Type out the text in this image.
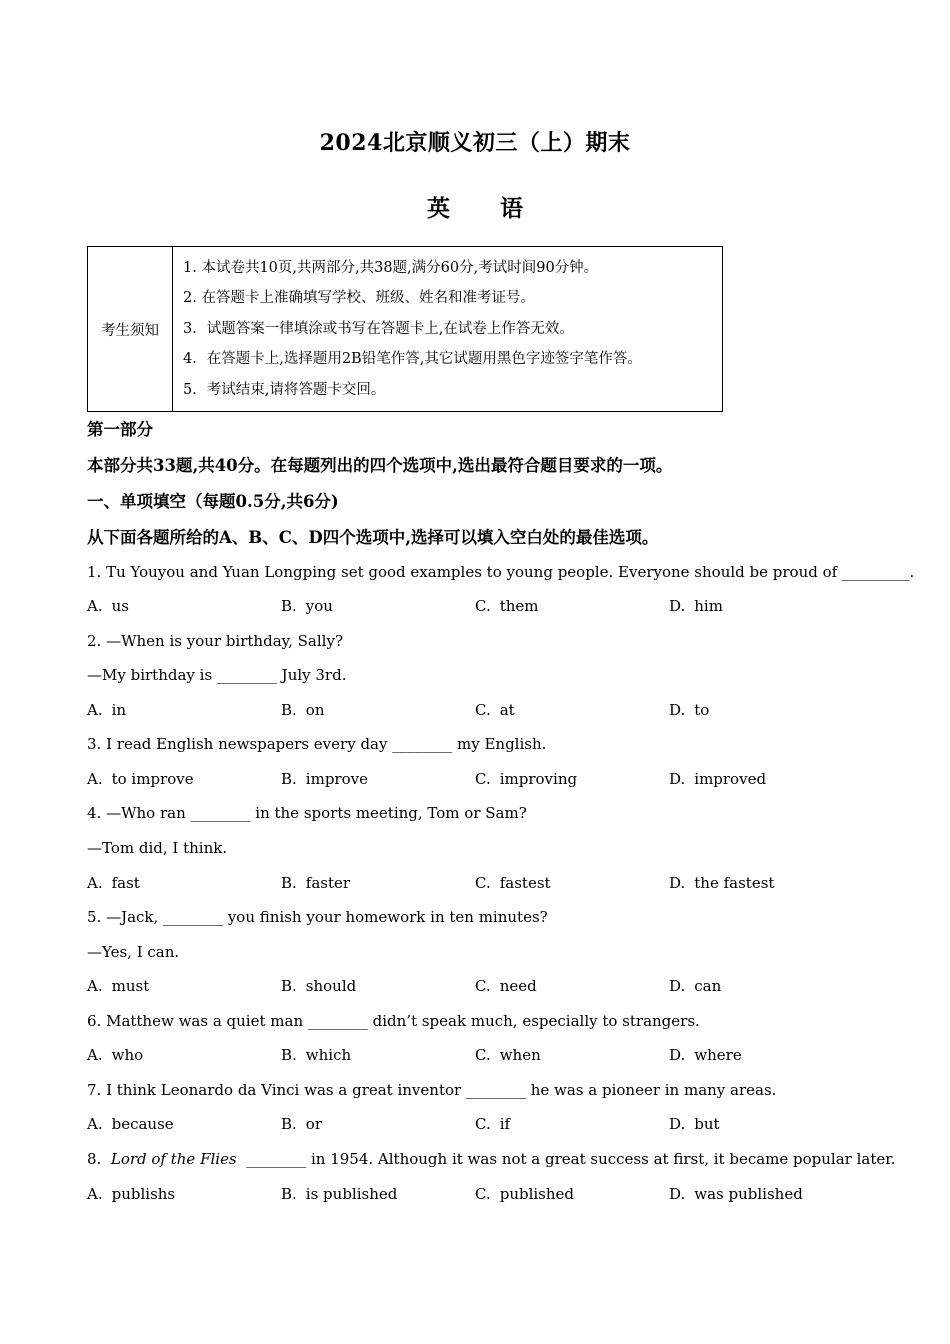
2024北京顺义初三（上）期末
英 语
考生须知	
1. 本试卷共10页,共两部分,共38题,满分60分,考试时间90分钟。
2. 在答题卡上准确填写学校、班级、姓名和准考证号。
3．试题答案一律填涂或书写在答题卡上,在试卷上作答无效。
4．在答题卡上,选择题用2B铅笔作答,其它试题用黑色字迹签字笔作答。
5．考试结束,请将答题卡交回。
第一部分
本部分共33题,共40分。在每题列出的四个选项中,选出最符合题目要求的一项。
一、单项填空（每题0.5分,共6分)
从下面各题所给的A、B、C、D四个选项中,选择可以填入空白处的最佳选项。
1. Tu Youyou and Yuan Longping set good examples to young people. Everyone should be proud of _________.
A. us	B. you	C. them	D. him
2. —When is your birthday, Sally?
—My birthday is ________ July 3rd.
A. in	B. on	C. at	D. to
3. I read English newspapers every day ________ my English.
A. to improve	B. improve	C. improving	D. improved
4. —Who ran ________ in the sports meeting, Tom or Sam?
—Tom did, I think.
A. fast	B. faster	C. fastest	D. the fastest
5. —Jack, ________ you finish your homework in ten minutes?
—Yes, I can.
A. must	B. should	C. need	D. can
6. Matthew was a quiet man ________ didn’t speak much, especially to strangers.
A. who	B. which	C. when	D. where
7. I think Leonardo da Vinci was a great inventor ________ he was a pioneer in many areas.
A. because	B. or	C. if	D. but
8. Lord of the Flies ________ in 1954. Although it was not a great success at first, it became popular later.
A. publishs	B. is published	C. published	D. was published
